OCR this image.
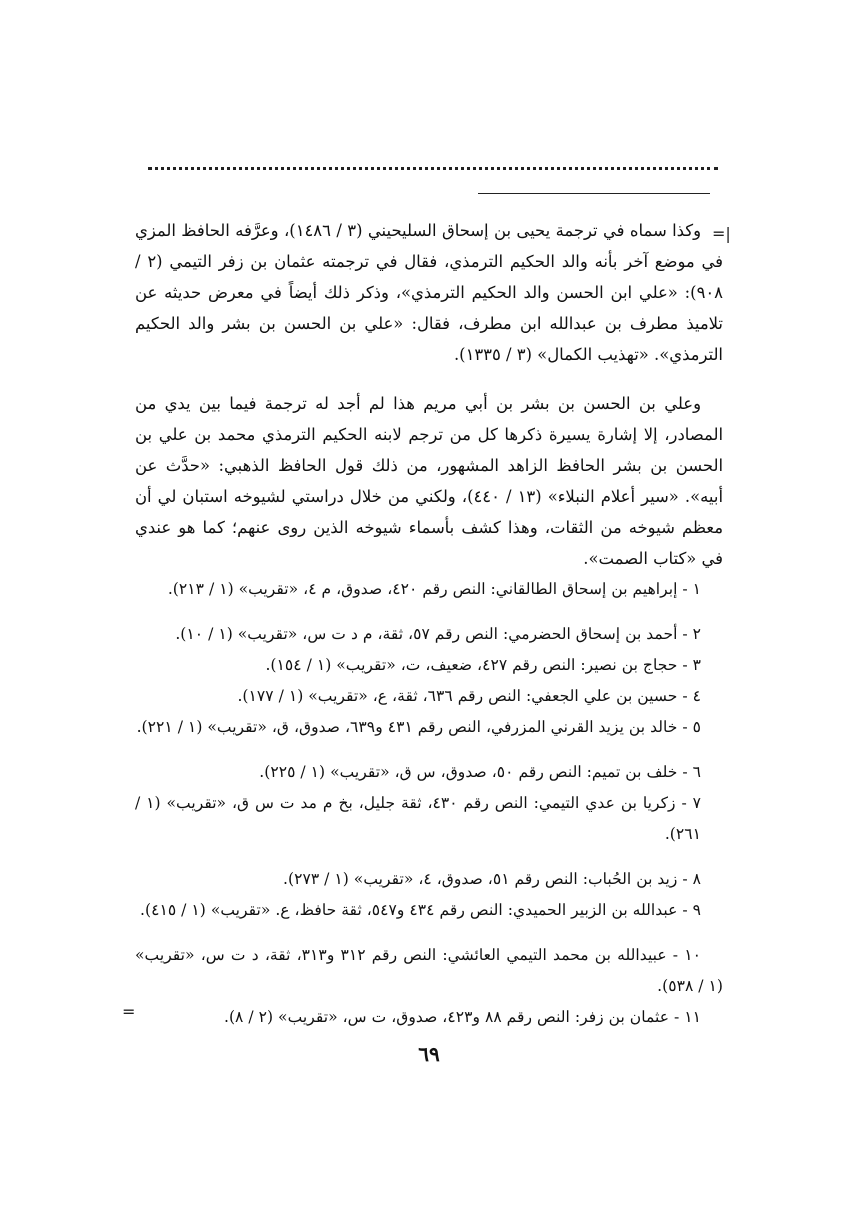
=|
=

وكذا سماه في ترجمة يحيى بن إسحاق السليحيني (٣ / ١٤٨٦)، وعرَّفه الحافظ المزي في موضع آخر بأنه والد الحكيم الترمذي، فقال في ترجمته عثمان بن زفر التيمي (٢ / ٩٠٨): «علي ابن الحسن والد الحكيم الترمذي»، وذكر ذلك أيضاً في معرض حديثه عن تلاميذ مطرف بن عبدالله ابن مطرف، فقال: «علي بن الحسن بن بشر والد الحكيم الترمذي». «تهذيب الكمال» (٣ / ١٣٣٥).

وعلي بن الحسن بن بشر بن أبي مريم هذا لم أجد له ترجمة فيما بين يدي من المصادر، إلا إشارة يسيرة ذكرها كل من ترجم لابنه الحكيم الترمذي محمد بن علي بن الحسن بن بشر الحافظ الزاهد المشهور، من ذلك قول الحافظ الذهبي: «حدَّث عن أبيه». «سير أعلام النبلاء» (١٣ / ٤٤٠)، ولكني من خلال دراستي لشيوخه استبان لي أن معظم شيوخه من الثقات، وهذا كشف بأسماء شيوخه الذين روى عنهم؛ كما هو عندي في «كتاب الصمت».

١ - إبراهيم بن إسحاق الطالقاني: النص رقم ٤٢٠، صدوق، م ٤، «تقريب» (١ / ٢١٣).
٢ - أحمد بن إسحاق الحضرمي: النص رقم ٥٧، ثقة، م د ت س، «تقريب» (١ / ١٠).
٣ - حجاج بن نصير: النص رقم ٤٢٧، ضعيف، ت، «تقريب» (١ / ١٥٤).
٤ - حسين بن علي الجعفي: النص رقم ٦٣٦، ثقة، ع، «تقريب» (١ / ١٧٧).
٥ - خالد بن يزيد القرني المزرفي، النص رقم ٤٣١ و٦٣٩، صدوق، ق، «تقريب» (١ / ٢٢١).
٦ - خلف بن تميم: النص رقم ٥٠، صدوق، س ق، «تقريب» (١ / ٢٢٥).
٧ - زكريا بن عدي التيمي: النص رقم ٤٣٠، ثقة جليل، بخ م مد ت س ق، «تقريب» (١ / ٢٦١).
٨ - زيد بن الحُباب: النص رقم ٥١، صدوق، ٤، «تقريب» (١ / ٢٧٣).
٩ - عبدالله بن الزبير الحميدي: النص رقم ٤٣٤ و٥٤٧، ثقة حافظ، ع. «تقريب» (١ / ٤١٥).
١٠ - عبيدالله بن محمد التيمي العائشي: النص رقم ٣١٢ و٣١٣، ثقة، د ت س، «تقريب» (١ / ٥٣٨).
١١ - عثمان بن زفر: النص رقم ٨٨ و٤٢٣، صدوق، ت س، «تقريب» (٢ / ٨).
٦٩
